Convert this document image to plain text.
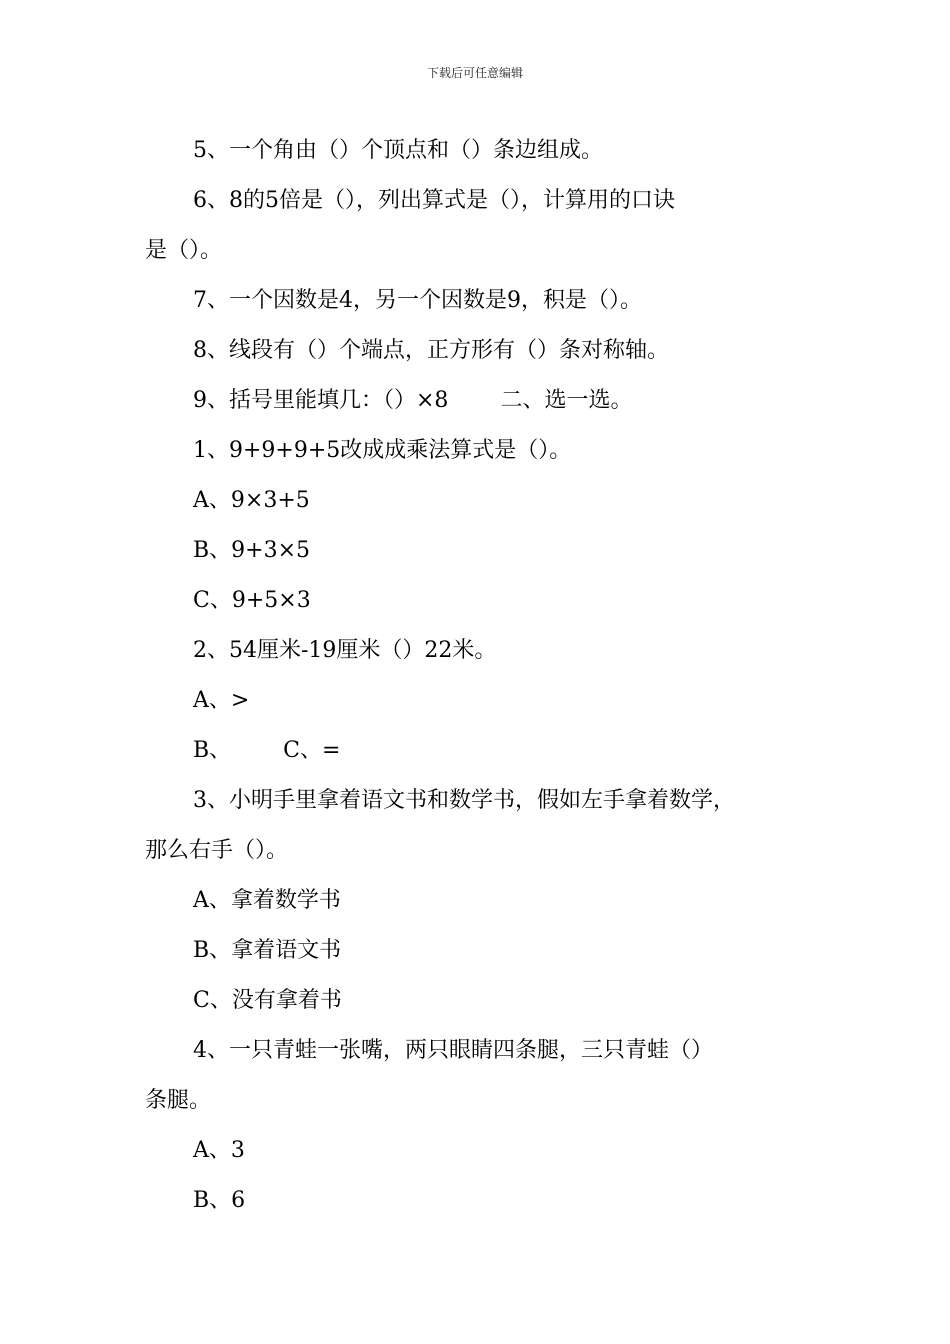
下载后可任意编辑
5、一个角由（）个顶点和（）条边组成。
6、8的5倍是（），列出算式是（），计算用的口诀
是（）。
7、一个因数是4，另一个因数是9，积是（）。
8、线段有（）个端点，正方形有（）条对称轴。
9、括号里能填几：（）×8 二、选一选。
1、9+9+9+5改成成乘法算式是（）。
A、9×3+5
B、9+3×5
C、9+5×3
2、54厘米-19厘米（）22米。
A、>
B、 C、=
3、小明手里拿着语文书和数学书，假如左手拿着数学，
那么右手（）。
A、拿着数学书
B、拿着语文书
C、没有拿着书
4、一只青蛙一张嘴，两只眼睛四条腿，三只青蛙（）
条腿。
A、3
B、6
